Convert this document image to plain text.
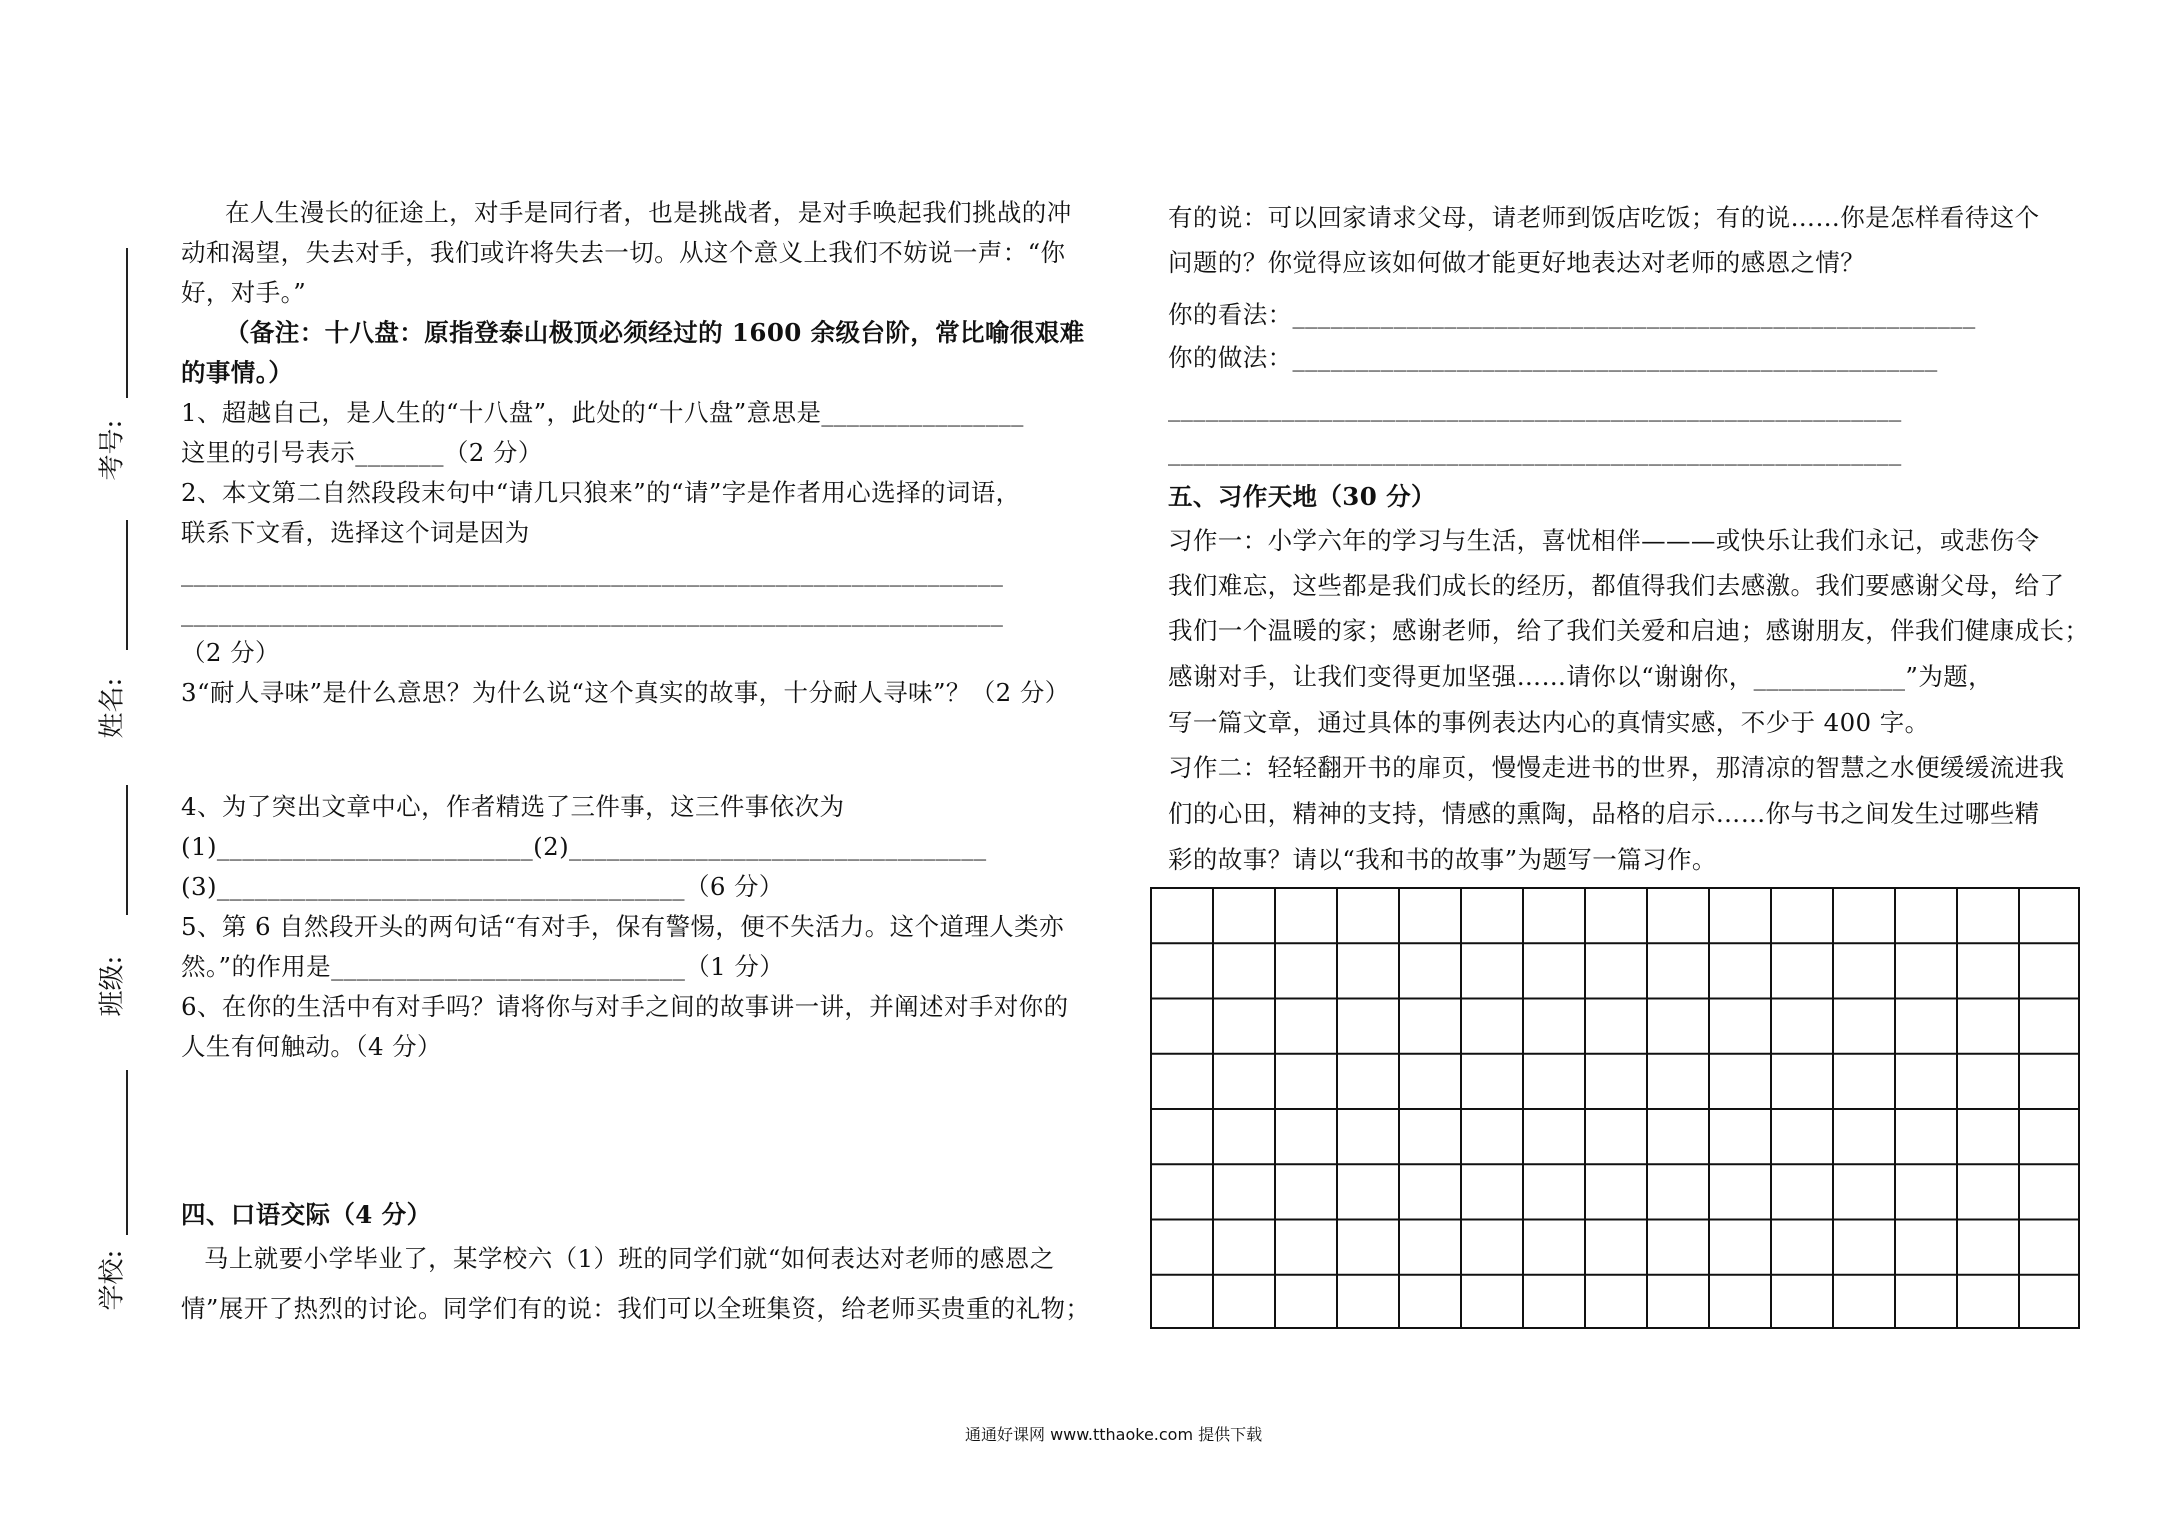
考号:
姓名:
班级:
学校:
在人生漫长的征途上，对手是同行者，也是挑战者，是对手唤起我们挑战的冲
动和渴望，失去对手，我们或许将失去一切。从这个意义上我们不妨说一声：“你
好，对手。”
（备注：十八盘：原指登泰山极顶必须经过的 1600 余级台阶，常比喻很艰难
的事情。）
1、超越自己，是人生的“十八盘”，此处的“十八盘”意思是________________
这里的引号表示_______（2 分）
2、本文第二自然段段末句中“请几只狼来”的“请”字是作者用心选择的词语，
联系下文看，选择这个词是因为
_________________________________________________________________
_________________________________________________________________
（2 分）
3“耐人寻味”是什么意思？为什么说“这个真实的故事，十分耐人寻味”？（2 分）
4、为了突出文章中心，作者精选了三件事，这三件事依次为
(1)_________________________(2)_________________________________
(3)_____________________________________（6 分）
5、第 6 自然段开头的两句话“有对手，保有警惕，便不失活力。这个道理人类亦
然。”的作用是____________________________（1 分）
6、在你的生活中有对手吗？请将你与对手之间的故事讲一讲，并阐述对手对你的
人生有何触动。（4 分）
四、口语交际（4 分）
马上就要小学毕业了，某学校六（1）班的同学们就“如何表达对老师的感恩之
情”展开了热烈的讨论。同学们有的说：我们可以全班集资，给老师买贵重的礼物；
有的说：可以回家请求父母，请老师到饭店吃饭；有的说……你是怎样看待这个
问题的？你觉得应该如何做才能更好地表达对老师的感恩之情？
你的看法：______________________________________________________
你的做法：___________________________________________________
__________________________________________________________
__________________________________________________________
五、习作天地（30 分）
习作一：小学六年的学习与生活，喜忧相伴———或快乐让我们永记，或悲伤令
我们难忘，这些都是我们成长的经历，都值得我们去感激。我们要感谢父母，给了
我们一个温暖的家；感谢老师，给了我们关爱和启迪；感谢朋友，伴我们健康成长；
感谢对手，让我们变得更加坚强……请你以“谢谢你，____________”为题，
写一篇文章，通过具体的事例表达内心的真情实感，不少于 400 字。
习作二：轻轻翻开书的扉页，慢慢走进书的世界，那清凉的智慧之水便缓缓流进我
们的心田，精神的支持，情感的熏陶，品格的启示……你与书之间发生过哪些精
彩的故事？请以“我和书的故事”为题写一篇习作。
通通好课网 www.tthaoke.com 提供下载
